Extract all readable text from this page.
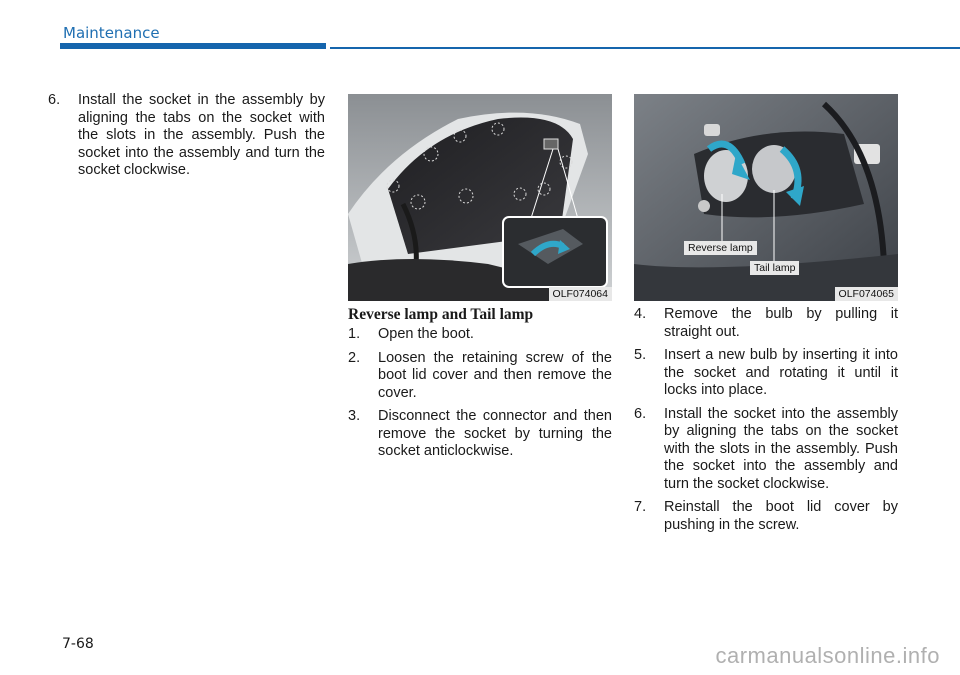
Maintenance
6. Install the socket in the assembly by aligning the tabs on the socket with the slots in the assembly. Push the socket into the assembly and turn the socket clockwise.
OLF074064
Reverse lamp
Tail lamp
OLF074065
Reverse lamp and Tail lamp
1. Open the boot.
2. Loosen the retaining screw of the boot lid cover and then remove the cover.
3. Disconnect the connector and then remove the socket by turning the socket anticlockwise.
4. Remove the bulb by pulling it straight out.
5. Insert a new bulb by inserting it into the socket and rotating it until it locks into place.
6. Install the socket into the assembly by aligning the tabs on the socket with the slots in the assembly. Push the socket into the assembly and turn the socket clockwise.
7. Reinstall the boot lid cover by pushing in the screw.
7-68	carmanualsonline.info
